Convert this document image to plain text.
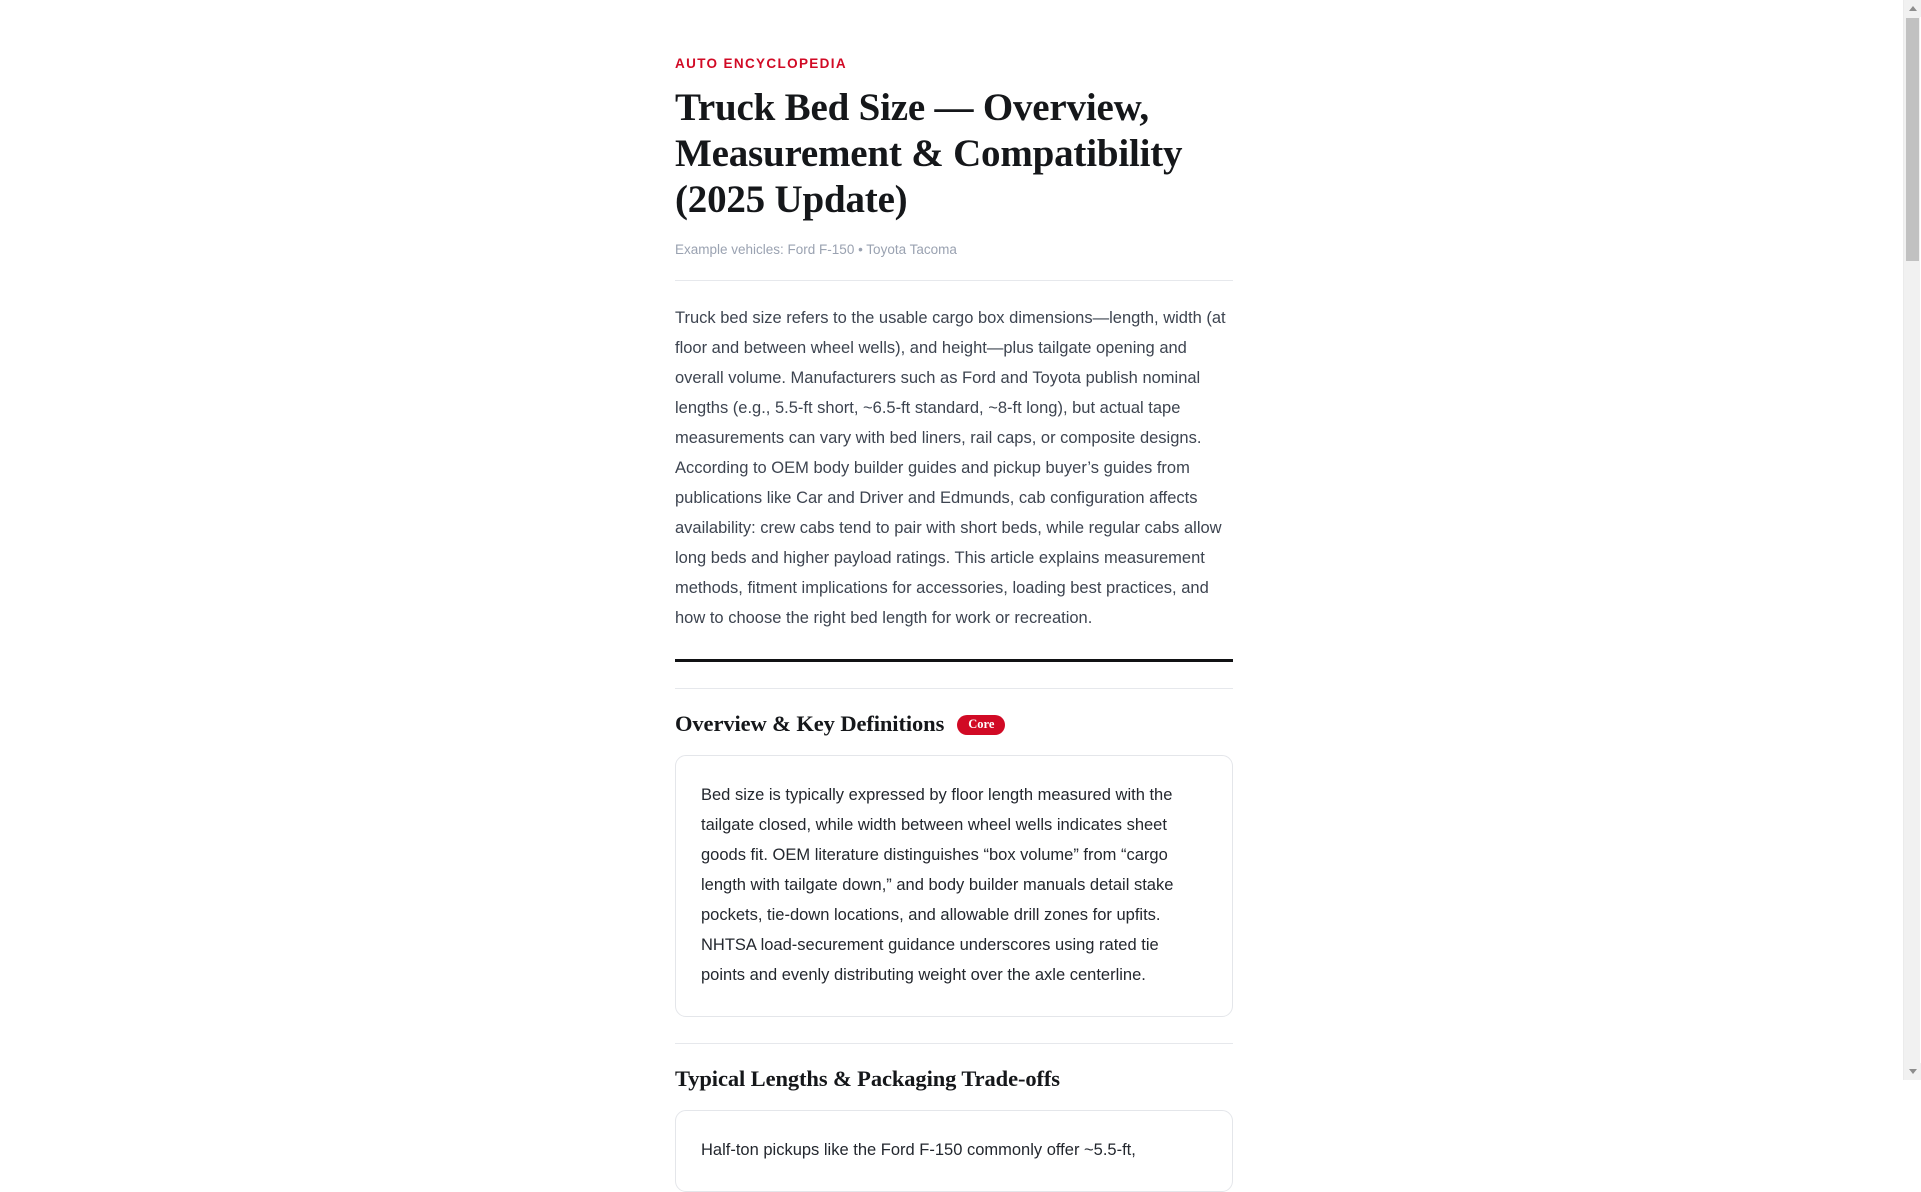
AUTO ENCYCLOPEDIA
Truck Bed Size — Overview, Measurement & Compatibility (2025 Update)
Example vehicles: Ford F-150 • Toyota Tacoma

Truck bed size refers to the usable cargo box dimensions—length, width (at floor and between wheel wells), and height—plus tailgate opening and overall volume. Manufacturers such as Ford and Toyota publish nominal lengths (e.g., 5.5-ft short, ~6.5-ft standard, ~8-ft long), but actual tape measurements can vary with bed liners, rail caps, or composite designs. According to OEM body builder guides and pickup buyer’s guides from publications like Car and Driver and Edmunds, cab configuration affects availability: crew cabs tend to pair with short beds, while regular cabs allow long beds and higher payload ratings. This article explains measurement methods, fitment implications for accessories, loading best practices, and how to choose the right bed length for work or recreation.

Overview & Key Definitions	Core

Bed size is typically expressed by floor length measured with the tailgate closed, while width between wheel wells indicates sheet goods fit. OEM literature distinguishes “box volume” from “cargo length with tailgate down,” and body builder manuals detail stake pockets, tie-down locations, and allowable drill zones for upfits. NHTSA load-securement guidance underscores using rated tie points and evenly distributing weight over the axle centerline.

Typical Lengths & Packaging Trade-offs

Half-ton pickups like the Ford F-150 commonly offer ~5.5-ft,
